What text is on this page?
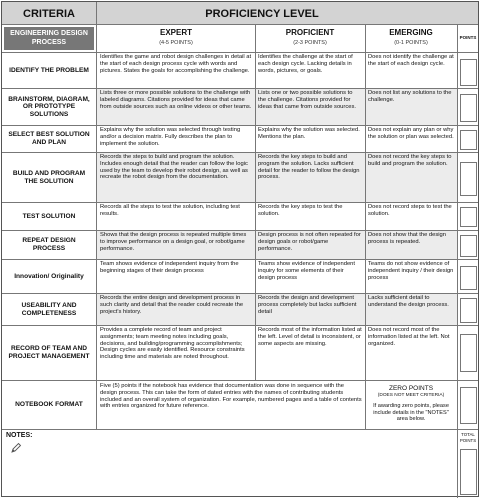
CRITERIA	PROFICIENCY LEVEL
ENGINEERING DESIGN PROCESS
EXPERT
(4-5 POINTS)
PROFICIENT
(2-3 POINTS)
EMERGING
(0-1 POINTS)
POINTS
IDENTIFY THE PROBLEM
BRAINSTORM, DIAGRAM, OR PROTOTYPE SOLUTIONS
SELECT BEST SOLUTION AND PLAN
BUILD AND PROGRAM THE SOLUTION
TEST SOLUTION
REPEAT DESIGN PROCESS
Innovation/ Originality
USEABILITY AND COMPLETENESS
RECORD OF TEAM AND PROJECT MANAGEMENT
NOTEBOOK FORMAT
Identifies the game and robot design challenges in detail at the start of each design process cycle with words and pictures. States the goals for accomplishing the challenge.
Lists three or more possible solutions to the challenge with labeled diagrams. Citations provided for ideas that came from outside sources such as online videos or other teams.
Explains why the solution was selected through testing and/or a decision matrix. Fully describes the plan to implement the solution.
Records the steps to build and program the solution. Includes enough detail that the reader can follow the logic used by the team to develop their robot design, as well as recreate the robot design from the documentation.
Records all the steps to test the solution, including test results.
Shows that the design process is repeated multiple times to improve performance on a design goal, or robot/game performance.
Team shows evidence of independent inquiry from the beginning stages of their design process
Records the entire design and development process in such clarity and detail that the reader could recreate the project's history.
Provides a complete record of team and project assignments; team meeting notes including goals, decisions, and building/programming accomplishments; Design cycles are easily identified. Resource constraints including time and materials are noted throughout.
Five (5) points if the notebook has evidence that documentation was done in sequence with the design process. This can take the form of dated entries with the names of contributing students included and an overall system of organization. For example, numbered pages and a table of contents with entries organized for future reference.
Identifies the challenge at the start of each design cycle. Lacking details in words, pictures, or goals.
Lists one or two possible solutions to the challenge. Citations provided for ideas that came from outside sources.
Explains why the solution was selected. Mentions the plan.
Records the key steps to build and program the solution. Lacks sufficient detail for the reader to follow the design process.
Records the key steps to test the solution.
Design process is not often repeated for design goals or robot/game performance.
Teams show evidence of independent inquiry for some elements of their design process
Records the design and development process completely but lacks sufficient detail
Records most of the information listed at the left. Level of detail is inconsistent, or some aspects are missing.
Does not identify the challenge at the start of each design cycle.
Does not list any solutions to the challenge.
Does not explain any plan or why the solution or plan was selected.
Does not record the key steps to build and program the solution.
Does not record steps to test the solution.
Does not show that the design process is repeated.
Teams do not show evidence of independent inquiry / their design process
Lacks sufficient detail to understand the design process.
Does not record most of the information listed at the left. Not organized.
ZERO POINTS
(DOES NOT MEET CRITERIA)
If awarding zero points, please include details in the "NOTES" area below.
NOTES:	TOTAL POINTS
